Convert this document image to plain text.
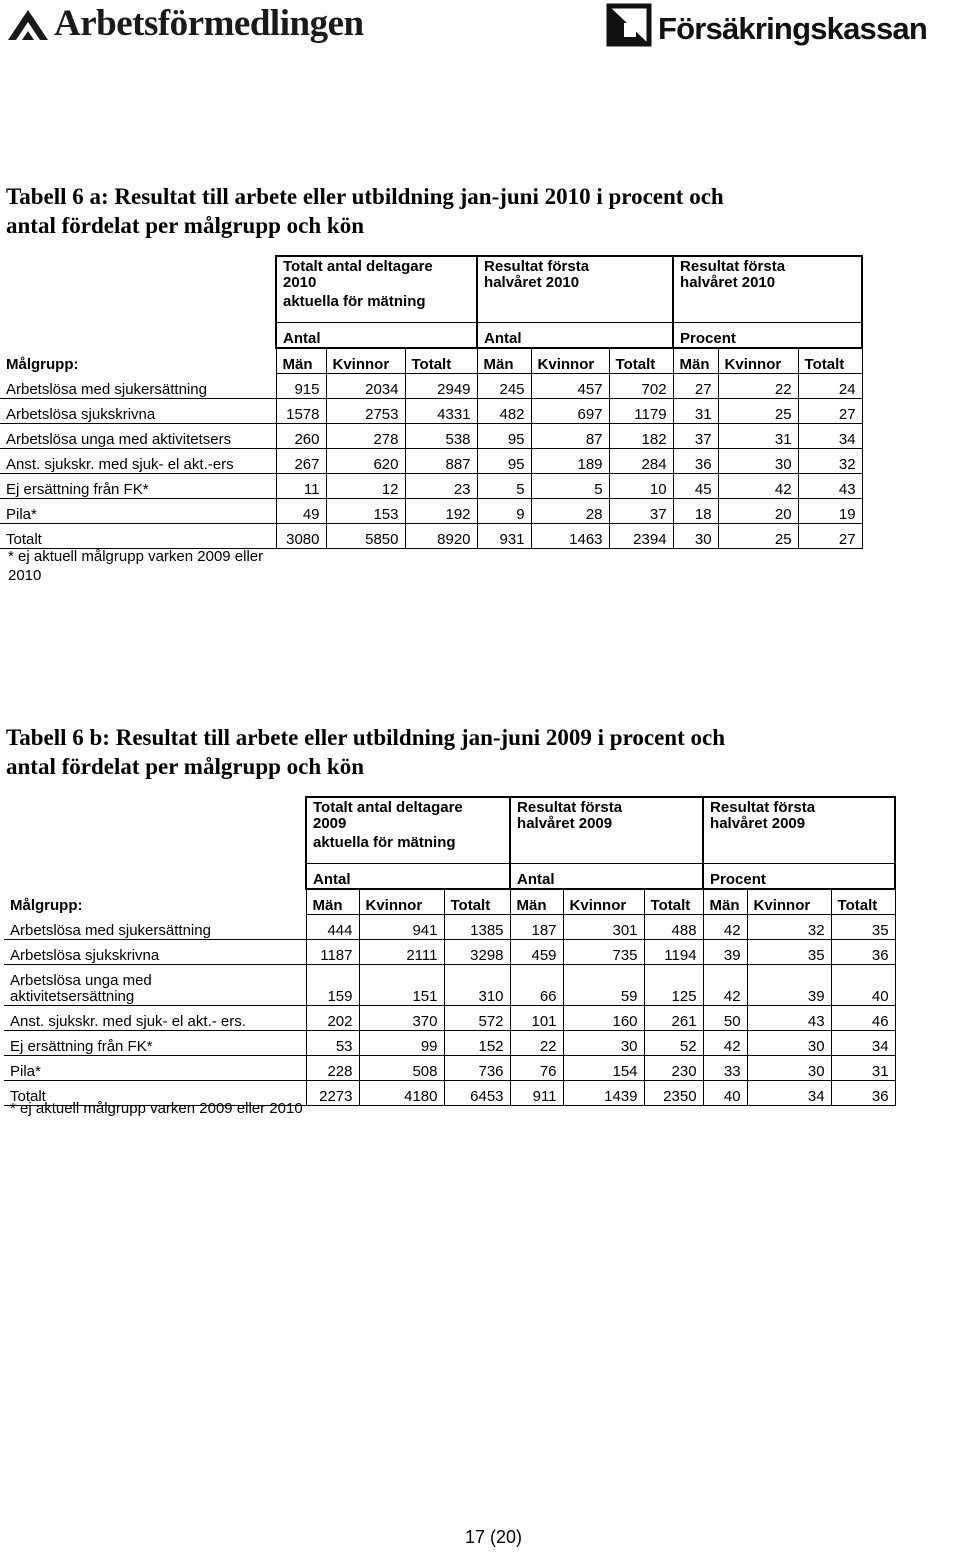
Arbetsförmedlingen	Försäkringskassan
Tabell 6 a: Resultat till arbete eller utbildning jan-juni 2010 i procent och
antal fördelat per målgrupp och kön
	Totalt antal deltagare
2010
aktuella för mätning			Resultat första
halvåret 2010			Resultat första
halvåret 2010		
	Antal			Antal			Procent		
Målgrupp:	Män	Kvinnor	Totalt	Män	Kvinnor	Totalt	Män	Kvinnor	Totalt
Arbetslösa med sjukersättning	915	2034	2949	245	457	702	27	22	24
Arbetslösa sjukskrivna	1578	2753	4331	482	697	1179	31	25	27
Arbetslösa unga med aktivitetsers	260	278	538	95	87	182	37	31	34
Anst. sjukskr. med sjuk- el akt.-ers	267	620	887	95	189	284	36	30	32
Ej ersättning från FK*	11	12	23	5	5	10	45	42	43
Pila*	49	153	192	9	28	37	18	20	19
Totalt	3080	5850	8920	931	1463	2394	30	25	27
* ej aktuell målgrupp varken 2009 eller
2010
Tabell 6 b: Resultat till arbete eller utbildning jan-juni 2009 i procent och
antal fördelat per målgrupp och kön
	Totalt antal deltagare
2009
aktuella för mätning			Resultat första
halvåret 2009			Resultat första
halvåret 2009		
	Antal			Antal			Procent		
Målgrupp:	Män	Kvinnor	Totalt	Män	Kvinnor	Totalt	Män	Kvinnor	Totalt
Arbetslösa med sjukersättning	444	941	1385	187	301	488	42	32	35
Arbetslösa sjukskrivna	1187	2111	3298	459	735	1194	39	35	36
Arbetslösa unga med
aktivitetsersättning	159	151	310	66	59	125	42	39	40
Anst. sjukskr. med sjuk- el akt.- ers.	202	370	572	101	160	261	50	43	46
Ej ersättning från FK*	53	99	152	22	30	52	42	30	34
Pila*	228	508	736	76	154	230	33	30	31
Totalt	2273	4180	6453	911	1439	2350	40	34	36
* ej aktuell målgrupp varken 2009 eller 2010
17 (20)
